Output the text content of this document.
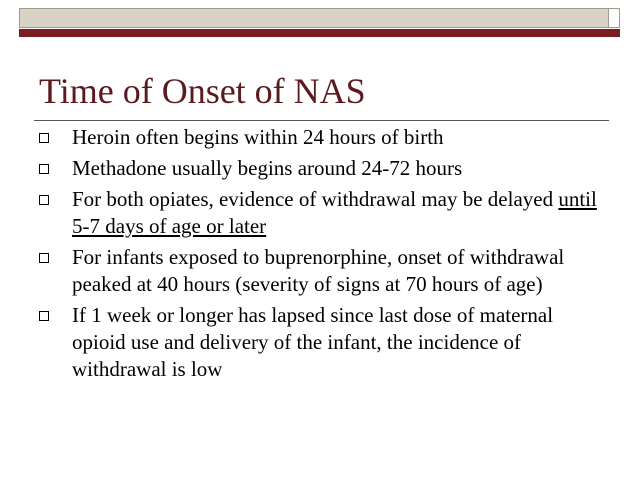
Time of Onset of NAS
Heroin often begins within 24 hours of birth
Methadone usually begins around 24-72 hours
For both opiates, evidence of withdrawal may be delayed until 5-7 days of age or later
For infants exposed to buprenorphine, onset of withdrawal peaked at 40 hours (severity of signs at 70 hours of age)
If 1 week or longer has lapsed since last dose of maternal opioid use and delivery of the infant, the incidence of withdrawal is low
